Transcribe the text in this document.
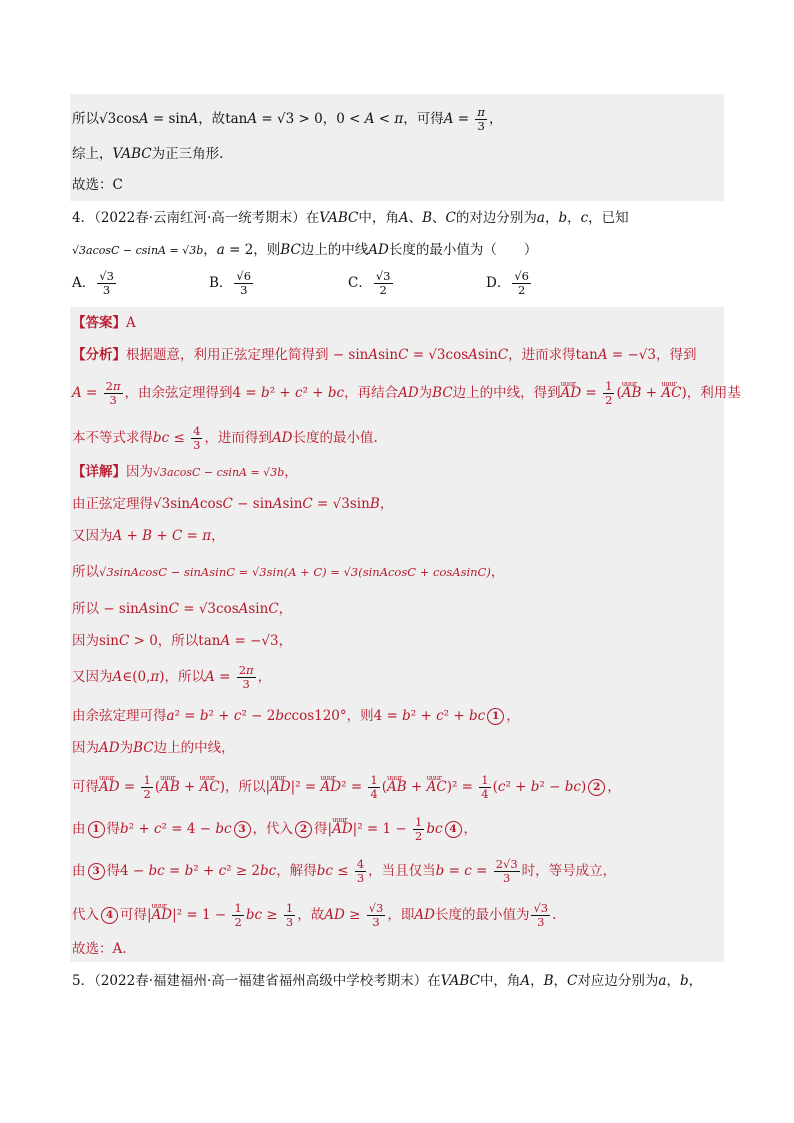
所以√3cosA = sinA，故tanA = √3 > 0，0 < A < π，可得$A = \frac{\pi}{3}$ ，
综上，VABC为正三角形.
故选：C
4．（2022春·云南红河·高一统考期末）在VABC中，角A、B、C的对边分别为a，b，c，已知
√3acosC − csinA = √3b，a = 2，则BC边上的中线AD长度的最小值为（　　）
A． $\frac{√3}{3}$	B． $\frac{√6}{3}$	C． $\frac{√3}{2}$	D． $\frac{√6}{2}$
【答案】A
【分析】根据题意，利用正弦定理化简得到 − sinAsinC = √3cosAsinC，进而求得tanA = −√3，得到
$A = \frac{2\pi}{3}$ ，由余弦定理得到4 = b² + c² + bc，再结合AD为BC边上的中线，得到uuur AD = $\frac{1}{2}$ (uuur AB + uuur AC)，利用基
本不等式求得bc ≤ $\frac{4}{3}$ ，进而得到AD长度的最小值.
【详解】因为√3acosC − csinA = √3b，
由正弦定理得√3sinAcosC − sinAsinC = √3sinB，
又因为A + B + C = π，
所以√3sinAcosC − sinAsinC = √3sin(A + C) = √3(sinAcosC + cosAsinC)，
所以 − sinAsinC = √3cosAsinC，
因为sinC > 0，所以tanA = −√3，
又因为A∈(0,π)，所以$A = \frac{2\pi}{3}$ ，
由余弦定理可得a² = b² + c² − 2bccos120°，则4 = b² + c² + bc 1 ，
因为AD为BC边上的中线，
可得uuur AD = $\frac{1}{2}$ (uuur AB + uuur AC)，所以|uuur AD|² = uuur $AD^2 = \frac{1}{4}$ (uuur AB + uuur $AC)^2 = \frac{1}{4} (c^2 + b^2 - bc)$ 2 ，
由 1 得b² + c² = 4 − bc 3 ，代入 2 得|uuur $AD|^2 = 1 - \frac{1}{2}$ bc 4 ，
由 3 得4 − bc = b² + c² ≥ 2bc，解得bc ≤ $\frac{4}{3}$ ，当且仅当$b = c = \frac{2√3}{3}$ 时，等号成立，
代入 4 可得|uuur $AD|^2 = 1 - \frac{1}{2}$ bc ≥ $\frac{1}{3}$ ，故AD ≥ $\frac{√3}{3}$ ，即AD长度的最小值为 $\frac{√3}{3}$ .
故选：A.
5．（2022春·福建福州·高一福建省福州高级中学校考期末）在VABC中，角A，B，C对应边分别为a，b，
